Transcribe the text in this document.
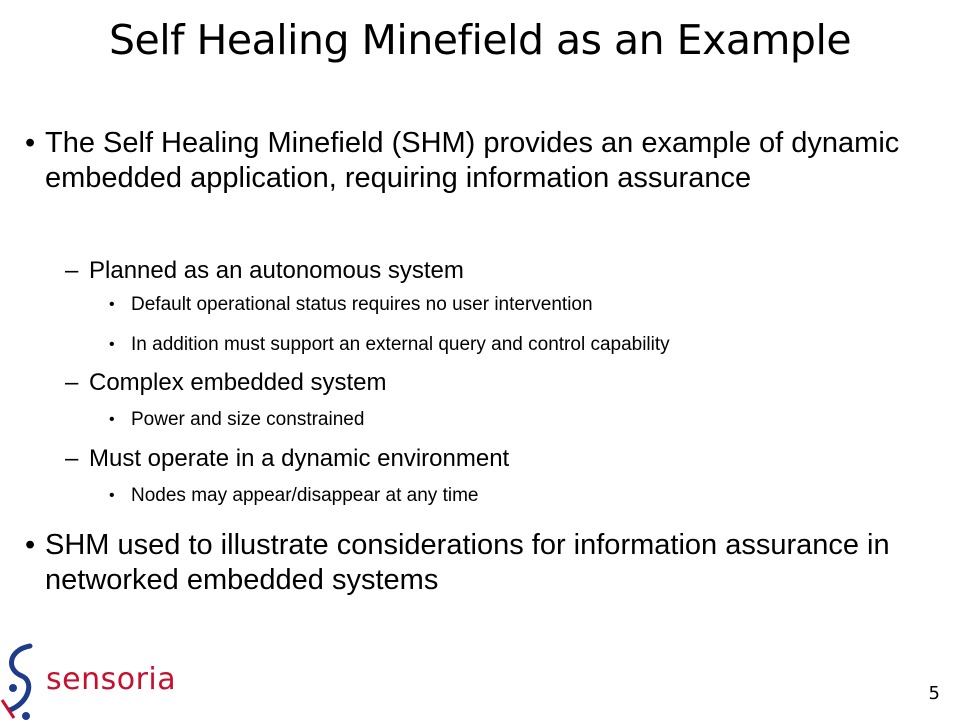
Self Healing Minefield as an Example
• The Self Healing Minefield (SHM) provides an example of dynamic embedded application, requiring information assurance
– Planned as an autonomous system
• Default operational status requires no user intervention
• In addition must support an external query and control capability
– Complex embedded system
• Power and size constrained
– Must operate in a dynamic environment
• Nodes may appear/disappear at any time
• SHM used to illustrate considerations for information assurance in networked embedded systems
sensoria	5
